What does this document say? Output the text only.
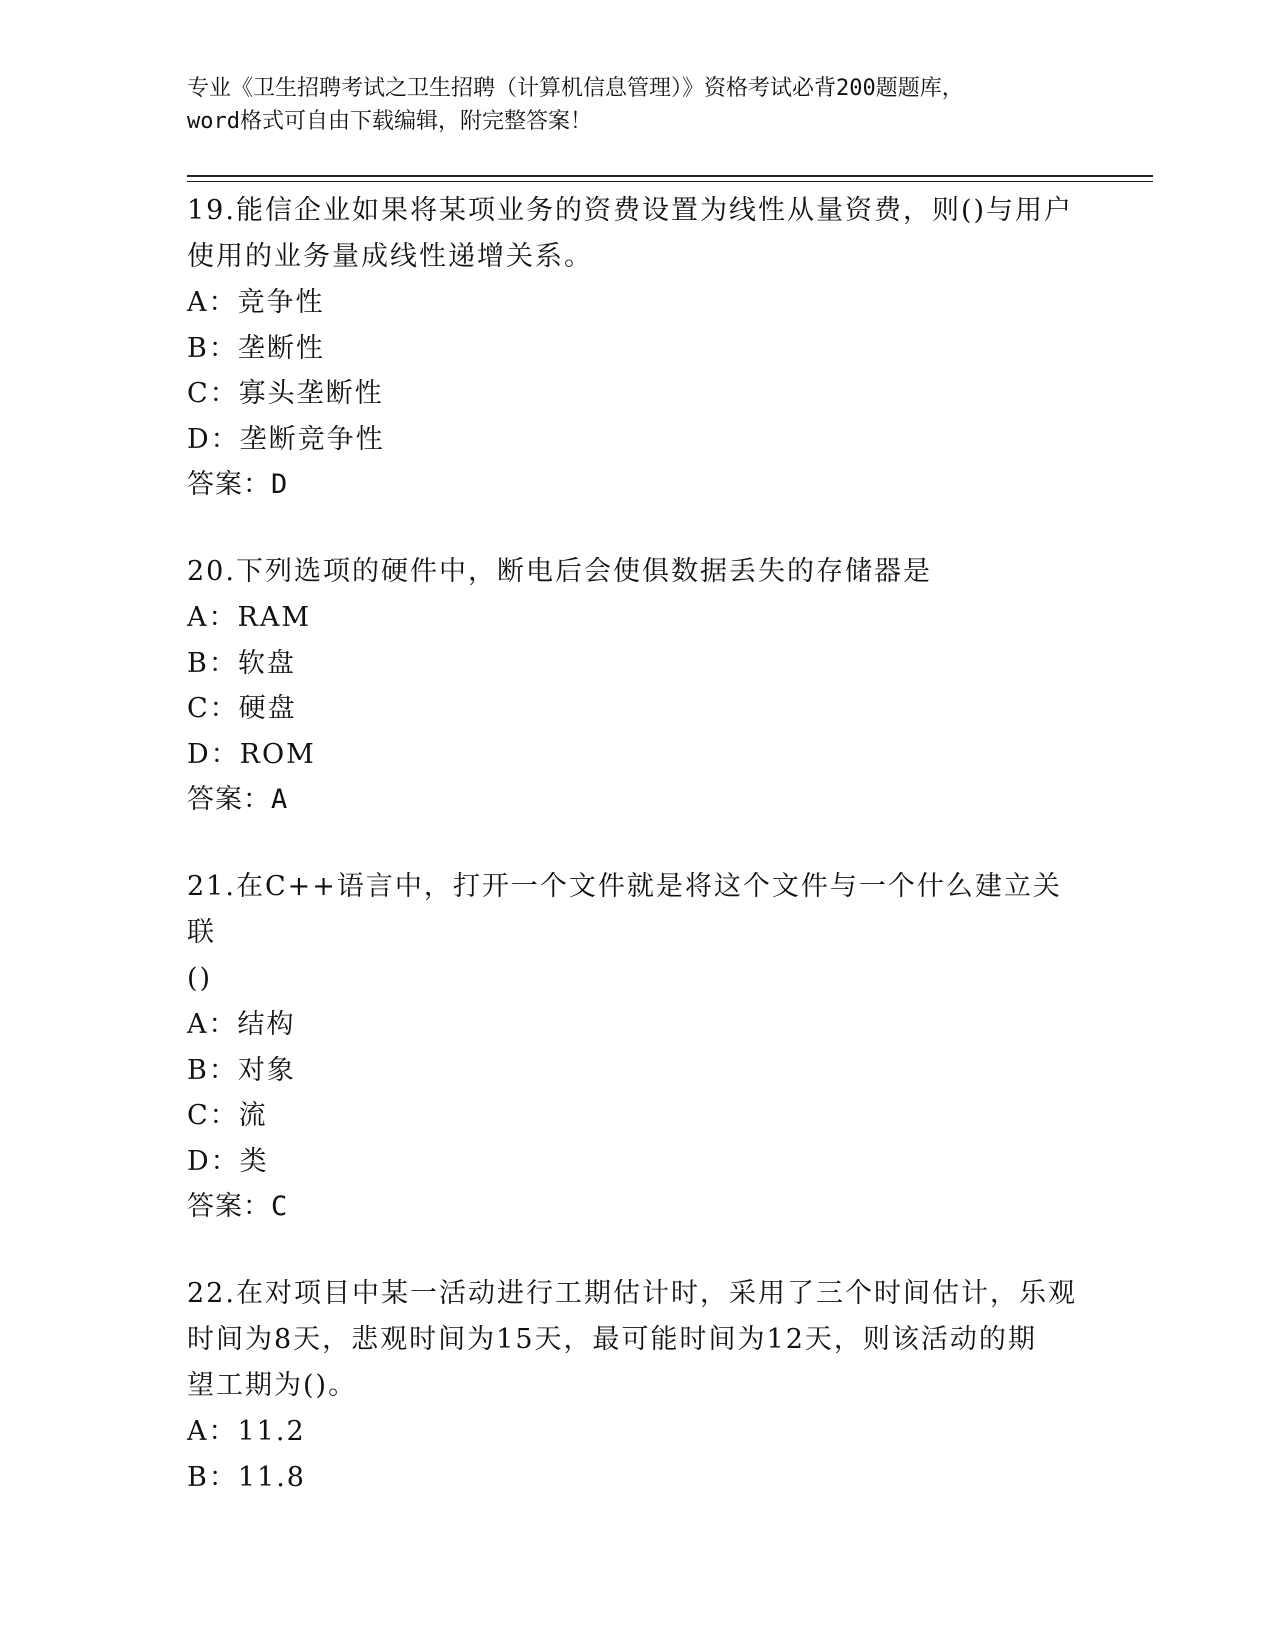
专业《卫生招聘考试之卫生招聘（计算机信息管理）》资格考试必背200题题库，
word格式可自由下载编辑，附完整答案！
19.能信企业如果将某项业务的资费设置为线性从量资费，则()与用户
使用的业务量成线性递增关系。
A：竞争性
B：垄断性
C：寡头垄断性
D：垄断竞争性
答案：D
20.下列选项的硬件中，断电后会使俱数据丢失的存储器是
A：RAM
B：软盘
C：硬盘
D：ROM
答案：A
21.在C++语言中，打开一个文件就是将这个文件与一个什么建立关联
()
A：结构
B：对象
C：流
D：类
答案：C
22.在对项目中某一活动进行工期估计时，采用了三个时间估计，乐观
时间为8天，悲观时间为15天，最可能时间为12天，则该活动的期
望工期为()。
A：11.2
B：11.8
